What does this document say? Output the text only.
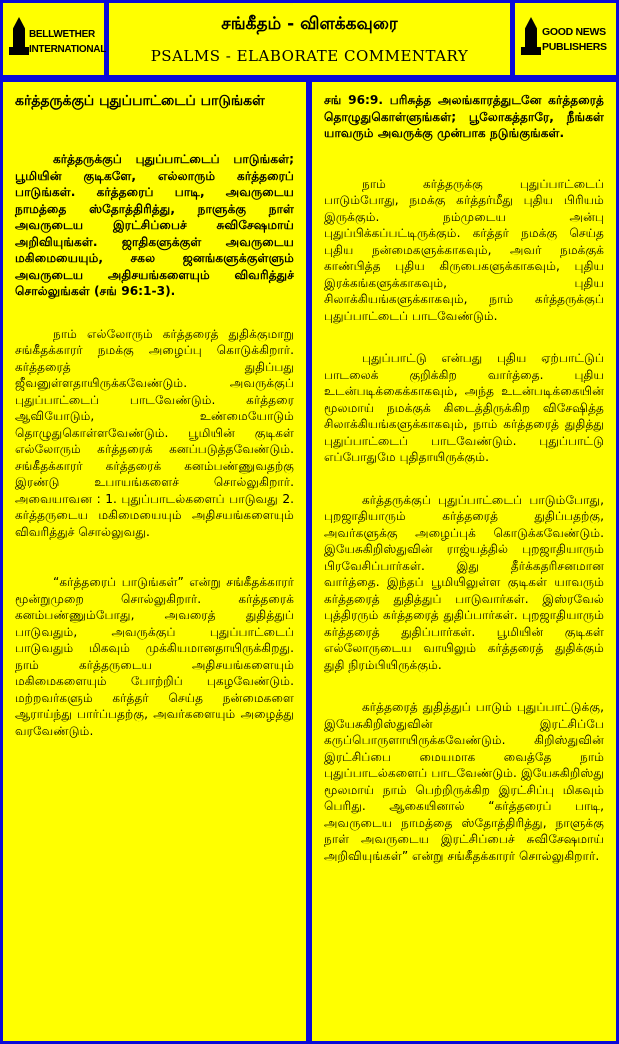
BELLWETHER
INTERNATIONAL
சங்கீதம் - விளக்கவுரை
PSALMS - ELABORATE COMMENTARY
GOOD NEWS
PUBLISHERS

கர்த்தருக்குப் புதுப்பாட்டைப் பாடுங்கள்

கர்த்தருக்குப் புதுப்பாட்டைப் பாடுங்கள்; பூமியின் குடிகளே, எல்லாரும் கர்த்தரைப் பாடுங்கள். கர்த்தரைப் பாடி, அவருடைய நாமத்தை ஸ்தோத்திரித்து, நாளுக்கு நாள் அவருடைய இரட்சிப்பைச் சுவிசேஷமாய் அறிவியுங்கள். ஜாதிகளுக்குள் அவருடைய மகிமையையும், சகல ஜனங்களுக்குள்ளும் அவருடைய அதிசயங்களையும் விவரித்துச் சொல்லுங்கள் (சங் 96:1-3).

நாம் எல்லோரும் கர்த்தரைத் துதிக்குமாறு சங்கீதக்காரர் நமக்கு அழைப்பு கொடுக்கிறார். கர்த்தரைத் துதிப்பது ஜீவனுள்ளதாயிருக்கவேண்டும். அவருக்குப் புதுப்பாட்டைப் பாடவேண்டும். கர்த்தரை ஆவியோடும், உண்மையோடும் தொழுதுகொள்ளவேண்டும். பூமியின் குடிகள் எல்லோரும் கர்த்தரைக் கனப்படுத்தவேண்டும். சங்கீதக்காரர் கர்த்தரைக் கனம்பண்ணுவதற்கு இரண்டு உபாயங்களைச் சொல்லுகிறார். அவையாவன : 1. புதுப்பாடல்களைப் பாடுவது 2. கர்த்தருடைய மகிமையையும் அதிசயங்களையும் விவரித்துச் சொல்லுவது.

“கர்த்தரைப் பாடுங்கள்” என்று சங்கீதக்காரர் மூன்றுமுறை சொல்லுகிறார். கர்த்தரைக் கனம்பண்ணும்போது, அவரைத் துதித்துப் பாடுவதும், அவருக்குப் புதுப்பாட்டைப் பாடுவதும் மிகவும் முக்கியமானதாயிருக்கிறது. நாம் கர்த்தருடைய அதிசயங்களையும் மகிமைகளையும் போற்றிப் புகழவேண்டும். மற்றவர்களும் கர்த்தர் செய்த நன்மைகளை ஆராய்ந்து பார்ப்பதற்கு, அவர்களையும் அழைத்து வரவேண்டும்.

சங் 96:9. பரிசுத்த அலங்காரத்துடனே கர்த்தரைத் தொழுதுகொள்ளுங்கள்; பூலோகத்தாரே, நீங்கள் யாவரும் அவருக்கு முன்பாக நடுங்குங்கள்.

நாம் கர்த்தருக்கு புதுப்பாட்டைப் பாடும்போது, நமக்கு கர்த்தர்மீது புதிய பிரியம் இருக்கும். நம்முடைய அன்பு புதுப்பிக்கப்பட்டிருக்கும். கர்த்தர் நமக்கு செய்த புதிய நன்மைகளுக்காகவும், அவர் நமக்குக் காண்பித்த புதிய கிருபைகளுக்காகவும், புதிய இரக்கங்களுக்காகவும், புதிய சிலாக்கியங்களுக்காகவும், நாம் கர்த்தருக்குப் புதுப்பாட்டைப் பாடவேண்டும்.

புதுப்பாட்டு என்பது புதிய ஏற்பாட்டுப் பாடலைக் குறிக்கிற வார்த்தை. புதிய உடன்படிக்கைக்காகவும், அந்த உடன்படிக்கையின் மூலமாய் நமக்குக் கிடைத்திருக்கிற விசேஷித்த சிலாக்கியங்களுக்காகவும், நாம் கர்த்தரைத் துதித்து புதுப்பாட்டைப் பாடவேண்டும். புதுப்பாட்டு எப்போதுமே புதிதாயிருக்கும்.

கர்த்தருக்குப் புதுப்பாட்டைப் பாடும்போது, புறஜாதியாரும் கர்த்தரைத் துதிப்பதற்கு, அவர்களுக்கு அழைப்புக் கொடுக்கவேண்டும். இயேசுகிறிஸ்துவின் ராஜ்யத்தில் புறஜாதியாரும் பிரவேசிப்பார்கள். இது தீர்க்கதரிசனமான வார்த்தை. இந்தப் பூமியிலுள்ள குடிகள் யாவரும் கர்த்தரைத் துதித்துப் பாடுவார்கள். இஸ்ரவேல் புத்திரரும் கர்த்தரைத் துதிப்பார்கள். புறஜாதியாரும் கர்த்தரைத் துதிப்பார்கள். பூமியின் குடிகள் எல்லோருடைய வாயிலும் கர்த்தரைத் துதிக்கும் துதி நிரம்பியிருக்கும்.

கர்த்தரைத் துதித்துப் பாடும் புதுப்பாட்டுக்கு, இயேசுகிறிஸ்துவின் இரட்சிப்பே கருப்பொருளாயிருக்கவேண்டும். கிறிஸ்துவின் இரட்சிப்பை மையமாக வைத்தே நாம் புதுப்பாடல்களைப் பாடவேண்டும். இயேசுகிறிஸ்து மூலமாய் நாம் பெற்றிருக்கிற இரட்சிப்பு மிகவும் பெரிது. ஆகையினால் “கர்த்தரைப் பாடி, அவருடைய நாமத்தை ஸ்தோத்திரித்து, நாளுக்கு நாள் அவருடைய இரட்சிப்பைச் சுவிசேஷமாய் அறிவியுங்கள்” என்று சங்கீதக்காரர் சொல்லுகிறார்.
